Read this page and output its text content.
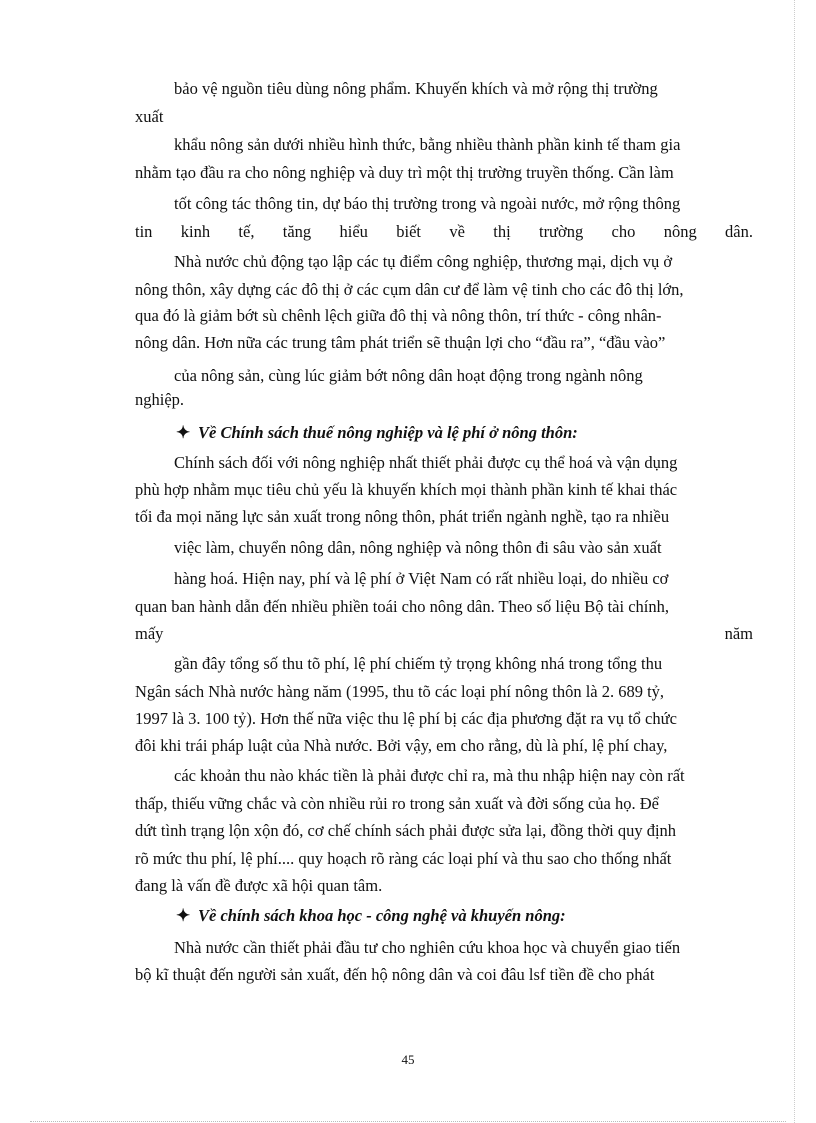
bảo vệ nguồn tiêu dùng nông phẩm. Khuyến khích và mở rộng thị trường
xuất
khẩu nông sản dưới nhiều hình thức, bằng nhiều thành phần kinh tế tham gia
nhằm tạo đầu ra cho nông nghiệp và duy trì một thị trường truyền thống. Cần làm
tốt công tác thông tin, dự báo thị trường trong và ngoài nước, mở rộng thông
tin kinh tế, tăng hiểu biết về thị trường cho nông dân.
Nhà nước chủ động tạo lập các tụ điểm công nghiệp, thương mại, dịch vụ ở
nông thôn, xây dựng các đô thị ở các cụm dân cư để làm vệ tinh cho các đô thị lớn,
qua đó là giảm bớt sù chênh lệch giữa đô thị và nông thôn, trí thức - công nhân-
nông dân. Hơn nữa các trung tâm phát triển sẽ thuận lợi cho “đầu ra”, “đầu vào”
của nông sản, cùng lúc giảm bớt nông dân hoạt động trong ngành nông
nghiệp.
✦ Về Chính sách thuế nông nghiệp và lệ phí ở nông thôn:
Chính sách đối với nông nghiệp nhất thiết phải được cụ thể hoá và vận dụng
phù hợp nhằm mục tiêu chủ yếu là khuyến khích mọi thành phần kinh tế khai thác
tối đa mọi năng lực sản xuất trong nông thôn, phát triển ngành nghề, tạo ra nhiều
việc làm, chuyển nông dân, nông nghiệp và nông thôn đi sâu vào sản xuất
hàng hoá. Hiện nay, phí và lệ phí ở Việt Nam có rất nhiều loại, do nhiều cơ
quan ban hành dẫn đến nhiều phiền toái cho nông dân. Theo số liệu Bộ tài chính,
mấy năm
gần đây tổng số thu tõ phí, lệ phí chiếm tỷ trọng không nhá trong tổng thu
Ngân sách Nhà nước hàng năm (1995, thu tõ các loại phí nông thôn là 2. 689 tỷ,
1997 là 3. 100 tỷ). Hơn thế nữa việc thu lệ phí bị các địa phương đặt ra vụ tổ chức
đôi khi trái pháp luật của Nhà nước. Bởi vậy, em cho rằng, dù là phí, lệ phí chay,
các khoản thu nào khác tiền là phải được chỉ ra, mà thu nhập hiện nay còn rất
thấp, thiếu vững chắc và còn nhiều rủi ro trong sản xuất và đời sống của họ. Để
dứt tình trạng lộn xộn đó, cơ chế chính sách phải được sửa lại, đồng thời quy định
rõ mức thu phí, lệ phí.... quy hoạch rõ ràng các loại phí và thu sao cho thống nhất
đang là vấn đề được xã hội quan tâm.
✦ Về chính sách khoa học - công nghệ và khuyến nông:
Nhà nước cần thiết phải đầu tư cho nghiên cứu khoa học và chuyển giao tiến
bộ kĩ thuật đến người sản xuất, đến hộ nông dân và coi đâu lsf tiền đề cho phát
45
